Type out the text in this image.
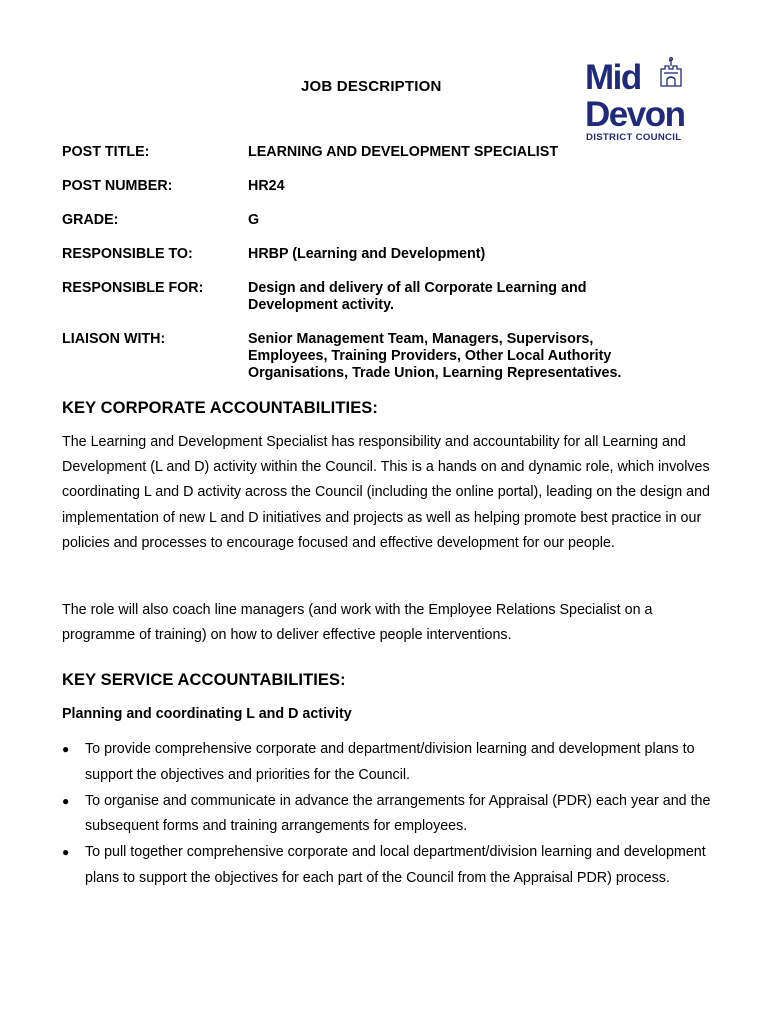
JOB DESCRIPTION	Mid
Devon
DISTRICT COUNCIL
POST TITLE:	LEARNING AND DEVELOPMENT SPECIALIST
POST NUMBER:	HR24
GRADE:	G
RESPONSIBLE TO:	HRBP (Learning and Development)
RESPONSIBLE FOR:	Design and delivery of all Corporate Learning and Development activity.
LIAISON WITH:	Senior Management Team, Managers, Supervisors, Employees, Training Providers, Other Local Authority Organisations, Trade Union, Learning Representatives.
KEY CORPORATE ACCOUNTABILITIES:

The Learning and Development Specialist has responsibility and accountability for all Learning and Development (L and D) activity within the Council. This is a hands on and dynamic role, which involves coordinating L and D activity across the Council (including the online portal), leading on the design and implementation of new L and D initiatives and projects as well as helping promote best practice in our policies and processes to encourage focused and effective development for our people.

The role will also coach line managers (and work with the Employee Relations Specialist on a programme of training) on how to deliver effective people interventions.

KEY SERVICE ACCOUNTABILITIES:
Planning and coordinating L and D activity
●	To provide comprehensive corporate and department/division learning and development plans to support the objectives and priorities for the Council.
●	To organise and communicate in advance the arrangements for Appraisal (PDR) each year and the subsequent forms and training arrangements for employees.
●	To pull together comprehensive corporate and local department/division learning and development plans to support the objectives for each part of the Council from the Appraisal PDR) process.
